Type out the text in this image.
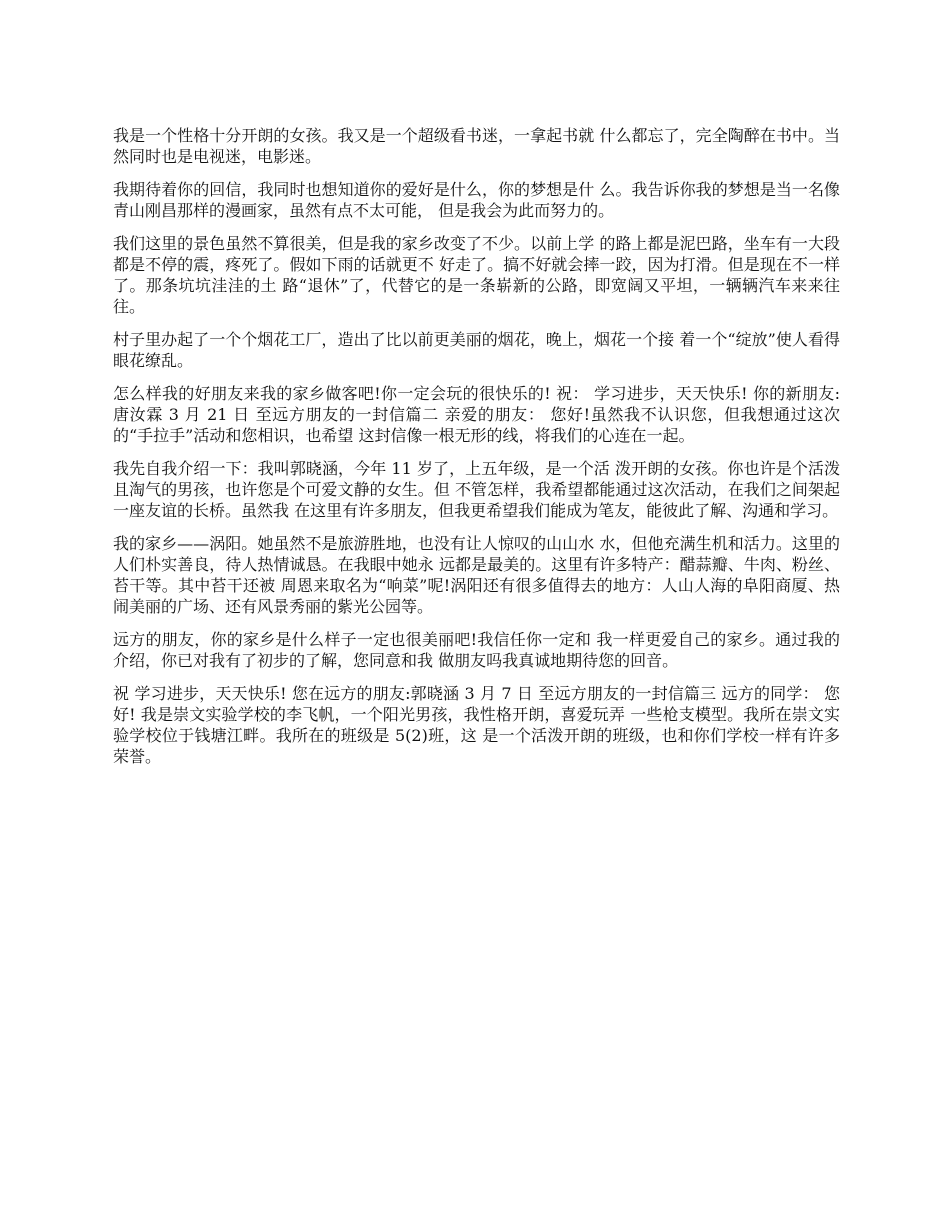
我是一个性格十分开朗的女孩。我又是一个超级看书迷，一拿起书就 什么都忘了，完全陶醉在书中。当然同时也是电视迷，电影迷。

我期待着你的回信，我同时也想知道你的爱好是什么，你的梦想是什 么。我告诉你我的梦想是当一名像青山刚昌那样的漫画家，虽然有点不太可能， 但是我会为此而努力的。

我们这里的景色虽然不算很美，但是我的家乡改变了不少。以前上学 的路上都是泥巴路，坐车有一大段都是不停的震，疼死了。假如下雨的话就更不 好走了。搞不好就会摔一跤，因为打滑。但是现在不一样了。那条坑坑洼洼的土 路“退休”了，代替它的是一条崭新的公路，即宽阔又平坦，一辆辆汽车来来往往。

村子里办起了一个个烟花工厂，造出了比以前更美丽的烟花，晚上，烟花一个接 着一个“绽放”使人看得眼花缭乱。

怎么样我的好朋友来我的家乡做客吧!你一定会玩的很快乐的! 祝： 学习进步，天天快乐! 你的新朋友:唐汝霖 3 月 21 日 至远方朋友的一封信篇二 亲爱的朋友： 您好!虽然我不认识您，但我想通过这次的“手拉手”活动和您相识，也希望 这封信像一根无形的线，将我们的心连在一起。

我先自我介绍一下：我叫郭晓涵，今年 11 岁了，上五年级，是一个活 泼开朗的女孩。你也许是个活泼且淘气的男孩，也许您是个可爱文静的女生。但 不管怎样，我希望都能通过这次活动，在我们之间架起一座友谊的长桥。虽然我 在这里有许多朋友，但我更希望我们能成为笔友，能彼此了解、沟通和学习。

我的家乡——涡阳。她虽然不是旅游胜地，也没有让人惊叹的山山水 水，但他充满生机和活力。这里的人们朴实善良，待人热情诚恳。在我眼中她永 远都是最美的。这里有许多特产：醋蒜瓣、牛肉、粉丝、苔干等。其中苔干还被 周恩来取名为“响菜”呢!涡阳还有很多值得去的地方：人山人海的阜阳商厦、热 闹美丽的广场、还有风景秀丽的紫光公园等。

远方的朋友，你的家乡是什么样子一定也很美丽吧!我信任你一定和 我一样更爱自己的家乡。通过我的介绍，你已对我有了初步的了解，您同意和我 做朋友吗我真诚地期待您的回音。

祝 学习进步，天天快乐! 您在远方的朋友:郭晓涵 3 月 7 日 至远方朋友的一封信篇三 远方的同学： 您好! 我是崇文实验学校的李飞帆，一个阳光男孩，我性格开朗，喜爱玩弄 一些枪支模型。我所在崇文实验学校位于钱塘江畔。我所在的班级是 5(2)班，这 是一个活泼开朗的班级，也和你们学校一样有许多荣誉。
